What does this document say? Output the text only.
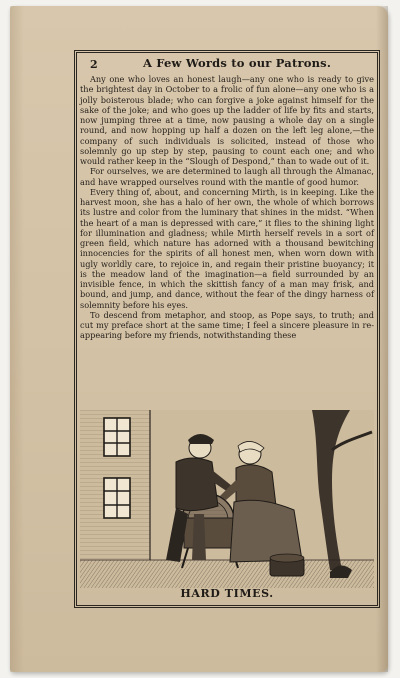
2	A Few Words to our Patrons.

Any one who loves an honest laugh—any one who is ready to give the brightest day in October to a frolic of fun alone—any one who is a jolly boisterous blade; who can forgive a joke against himself for the sake of the joke; and who goes up the ladder of life by fits and starts, now jumping three at a time, now pausing a whole day on a single round, and now hopping up half a dozen on the left leg alone,—the company of such individuals is solicited, instead of those who solemnly go up step by step, pausing to count each one; and who would rather keep in the “Slough of Despond,” than to wade out of it.

For ourselves, we are determined to laugh all through the Almanac, and have wrapped ourselves round with the mantle of good humor.

Every thing of, about, and concerning Mirth, is in keeping. Like the harvest moon, she has a halo of her own, the whole of which borrows its lustre and color from the luminary that shines in the midst. “When the heart of a man is depressed with care,” it flies to the shining light for illumination and gladness; while Mirth herself revels in a sort of green field, which nature has adorned with a thousand bewitching innocencies for the spirits of all honest men, when worn down with ugly worldly care, to rejoice in, and regain their pristine buoyancy; it is the meadow land of the imagination—a field surrounded by an invisible fence, in which the skittish fancy of a man may frisk, and bound, and jump, and dance, without the fear of the dingy harness of solemnity before his eyes.

To descend from metaphor, and stoop, as Pope says, to truth; and cut my preface short at the same time; I feel a sincere pleasure in re-appearing before my friends, notwithstanding these

HARD TIMES.
